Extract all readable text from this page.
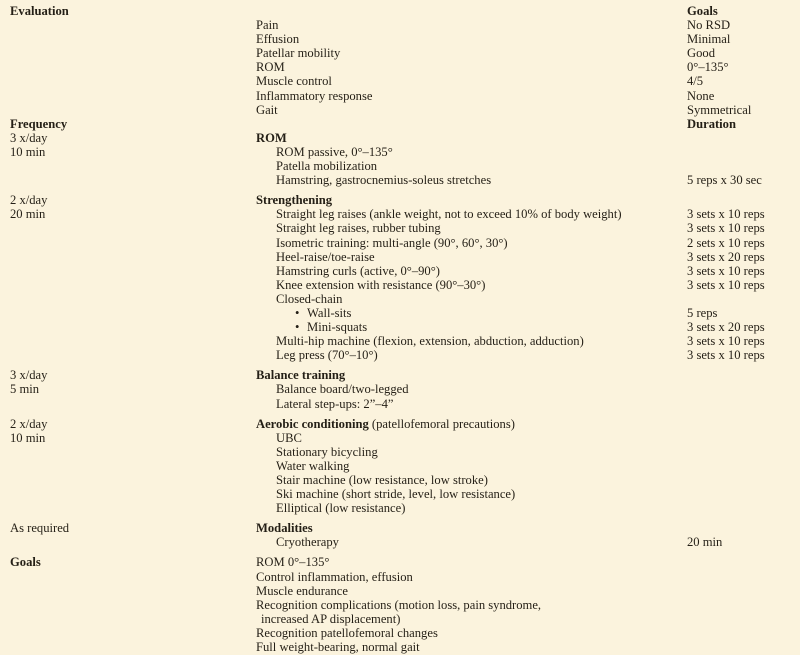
Evaluation	Goals
Pain	No RSD
Effusion	Minimal
Patellar mobility	Good
ROM	0°–135°
Muscle control	4/5
Inflammatory response	None
Gait	Symmetrical
Frequency	Duration
3 x/day	ROM
10 min	ROM passive, 0°–135°
Patella mobilization
Hamstring, gastrocnemius-soleus stretches	5 reps x 30 sec
2 x/day	Strengthening
20 min	Straight leg raises (ankle weight, not to exceed 10% of body weight)	3 sets x 10 reps
Straight leg raises, rubber tubing	3 sets x 10 reps
Isometric training: multi-angle (90°, 60°, 30°)	2 sets x 10 reps
Heel-raise/toe-raise	3 sets x 20 reps
Hamstring curls (active, 0°–90°)	3 sets x 10 reps
Knee extension with resistance (90°–30°)	3 sets x 10 reps
Closed-chain
• Wall-sits	5 reps
• Mini-squats	3 sets x 20 reps
Multi-hip machine (flexion, extension, abduction, adduction)	3 sets x 10 reps
Leg press (70°–10°)	3 sets x 10 reps
3 x/day	Balance training
5 min	Balance board/two-legged
Lateral step-ups: 2”–4”
2 x/day	Aerobic conditioning (patellofemoral precautions)
10 min	UBC
Stationary bicycling
Water walking
Stair machine (low resistance, low stroke)
Ski machine (short stride, level, low resistance)
Elliptical (low resistance)
As required	Modalities
Cryotherapy	20 min
Goals	ROM 0°–135°
Control inflammation, effusion
Muscle endurance
Recognition complications (motion loss, pain syndrome,
increased AP displacement)
Recognition patellofemoral changes
Full weight-bearing, normal gait
